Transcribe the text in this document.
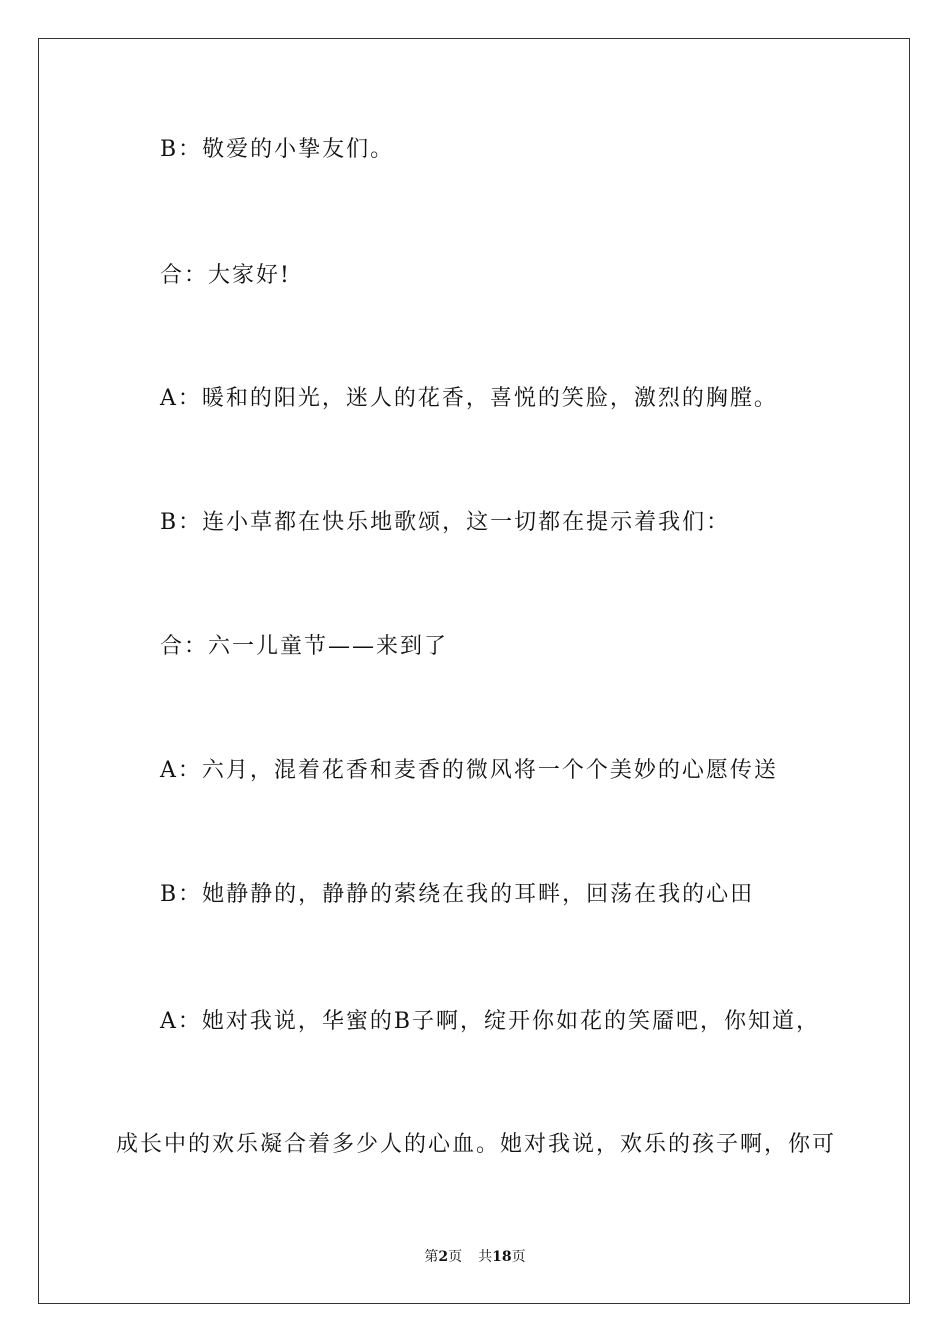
B：敬爱的小挚友们。
合：大家好!
A：暖和的阳光，迷人的花香，喜悦的笑脸，激烈的胸膛。
B：连小草都在快乐地歌颂，这一切都在提示着我们：
合：六一儿童节——来到了
A：六月，混着花香和麦香的微风将一个个美妙的心愿传送
B：她静静的，静静的萦绕在我的耳畔，回荡在我的心田
A：她对我说，华蜜的B子啊，绽开你如花的笑靥吧，你知道，
成长中的欢乐凝合着多少人的心血。她对我说，欢乐的孩子啊，你可
第2页 共18页
